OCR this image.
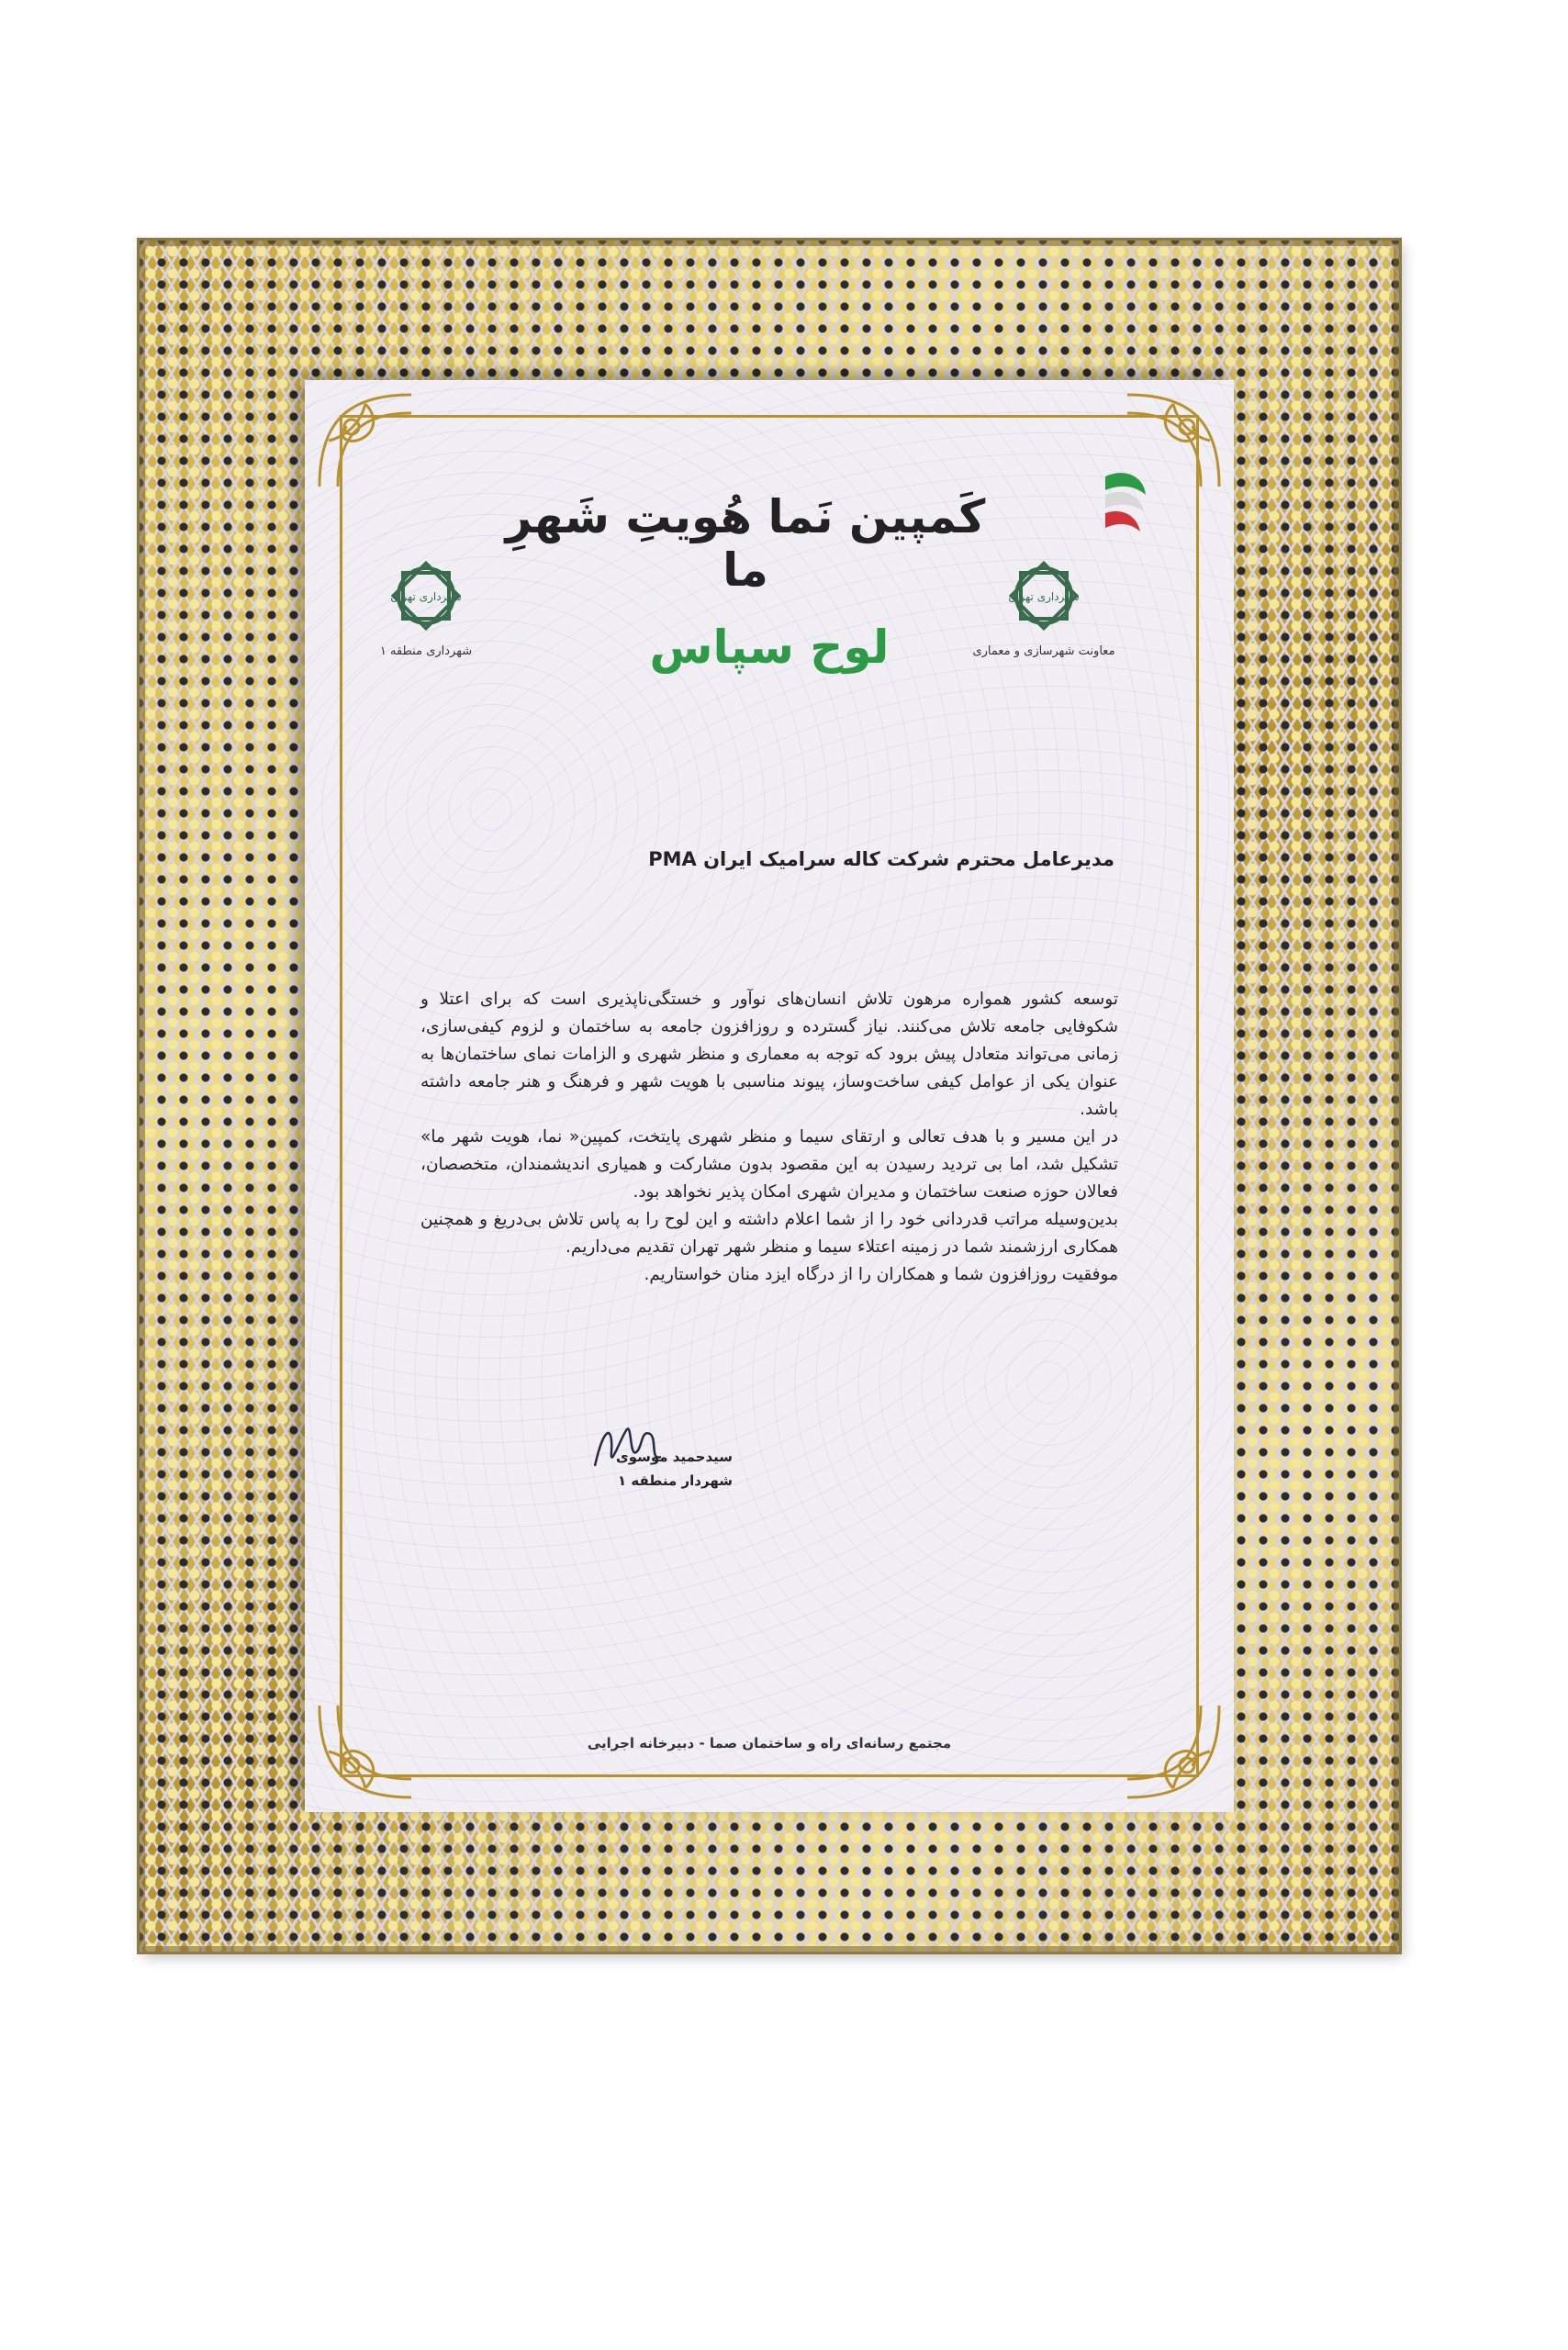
کَمپین نَما هُویتِ شَهرِ ما
شهرداری تهران
شهرداری منطقه ۱
شهرداری تهران
معاونت شهرسازی و معماری
لوح سپاس
مدیرعامل محترم شرکت کاله سرامیک ایران PMA

توسعه کشور همواره مرهون تلاش انسان‌های نوآور و خستگی‌ناپذیری است که برای اعتلا و شکوفایی جامعه تلاش می‌کنند. نیاز گسترده و روزافزون جامعه به ساختمان و لزوم کیفی‌سازی، زمانی می‌تواند متعادل پیش برود که توجه به معماری و منظر شهری و الزامات نمای ساختمان‌ها به عنوان یکی از عوامل کیفی ساخت‌وساز، پیوند مناسبی با هویت شهر و فرهنگ و هنر جامعه داشته باشد.

در این مسیر و با هدف تعالی و ارتقای سیما و منظر شهری پایتخت، کمپین« نما، هویت شهر ما» تشکیل شد، اما بی تردید رسیدن به این مقصود بدون مشارکت و همیاری اندیشمندان، متخصصان، فعالان حوزه صنعت ساختمان و مدیران شهری امکان پذیر نخواهد بود.

بدین‌وسیله مراتب قدردانی خود را از شما اعلام داشته و این لوح را به پاس تلاش بی‌دریغ و همچنین همکاری ارزشمند شما در زمینه اعتلاء سیما و منظر شهر تهران تقدیم می‌داریم.

موفقیت روزافزون شما و همکاران را از درگاه ایزد منان خواستاریم.

سیدحمید موسوی
شهردار منطقه ۱
مجتمع رسانه‌ای راه و ساختمان صما - دبیرخانه اجرایی
